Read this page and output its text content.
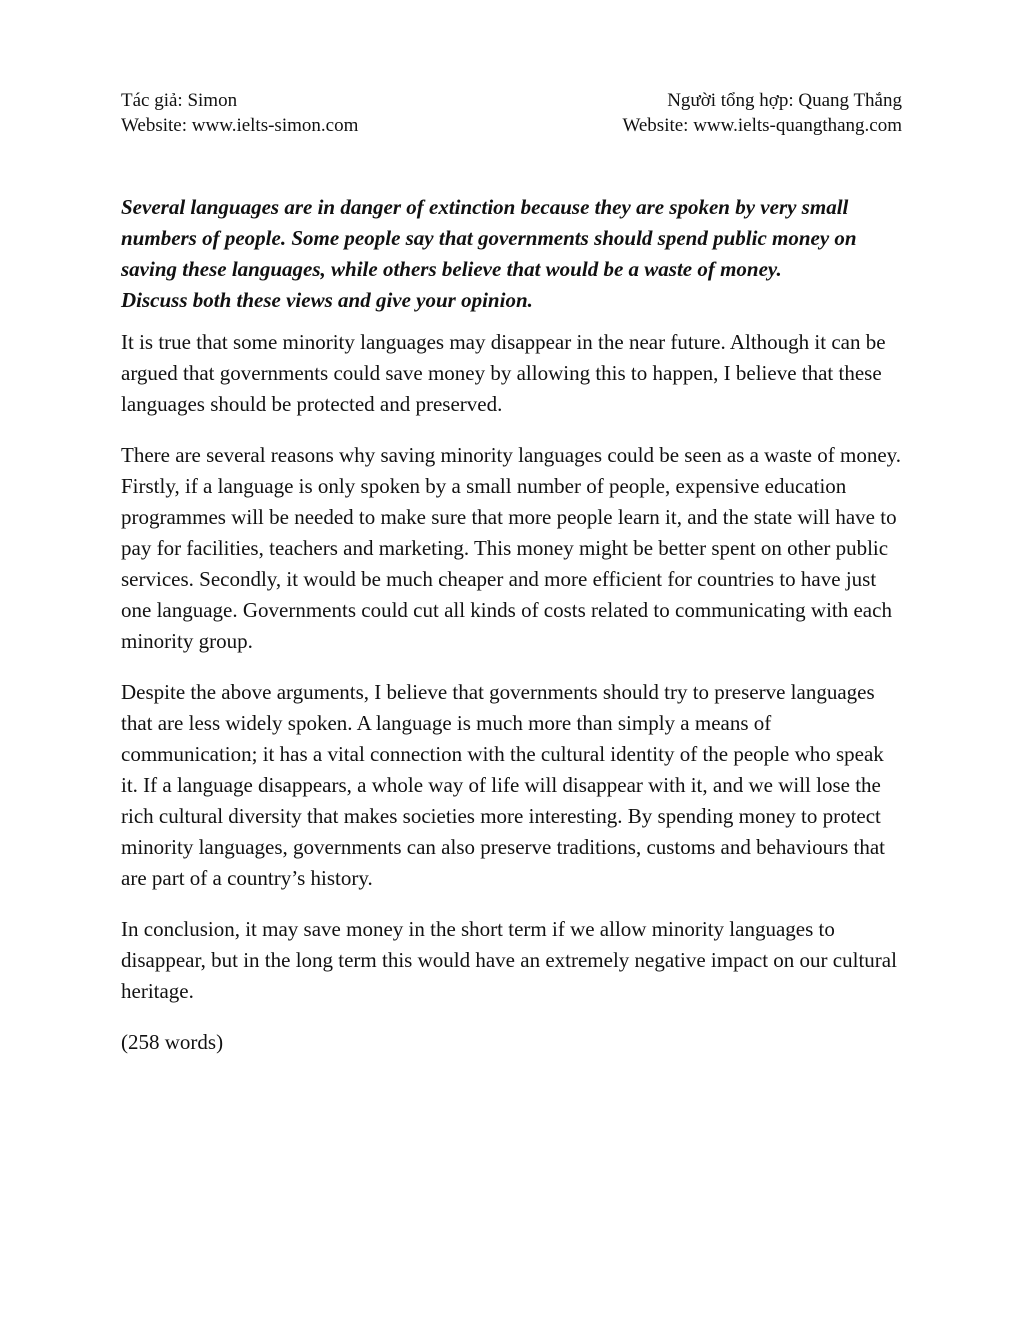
Tác giả: Simon
Website: www.ielts-simon.com
Người tổng hợp: Quang Thắng
Website: www.ielts-quangthang.com
Several languages are in danger of extinction because they are spoken by very small numbers of people. Some people say that governments should spend public money on saving these languages, while others believe that would be a waste of money.
Discuss both these views and give your opinion.

It is true that some minority languages may disappear in the near future. Although it can be argued that governments could save money by allowing this to happen, I believe that these languages should be protected and preserved.

There are several reasons why saving minority languages could be seen as a waste of money. Firstly, if a language is only spoken by a small number of people, expensive education programmes will be needed to make sure that more people learn it, and the state will have to pay for facilities, teachers and marketing. This money might be better spent on other public services. Secondly, it would be much cheaper and more efficient for countries to have just one language. Governments could cut all kinds of costs related to communicating with each minority group.

Despite the above arguments, I believe that governments should try to preserve languages that are less widely spoken. A language is much more than simply a means of communication; it has a vital connection with the cultural identity of the people who speak it. If a language disappears, a whole way of life will disappear with it, and we will lose the rich cultural diversity that makes societies more interesting. By spending money to protect minority languages, governments can also preserve traditions, customs and behaviours that are part of a country’s history.

In conclusion, it may save money in the short term if we allow minority languages to disappear, but in the long term this would have an extremely negative impact on our cultural heritage.

(258 words)
